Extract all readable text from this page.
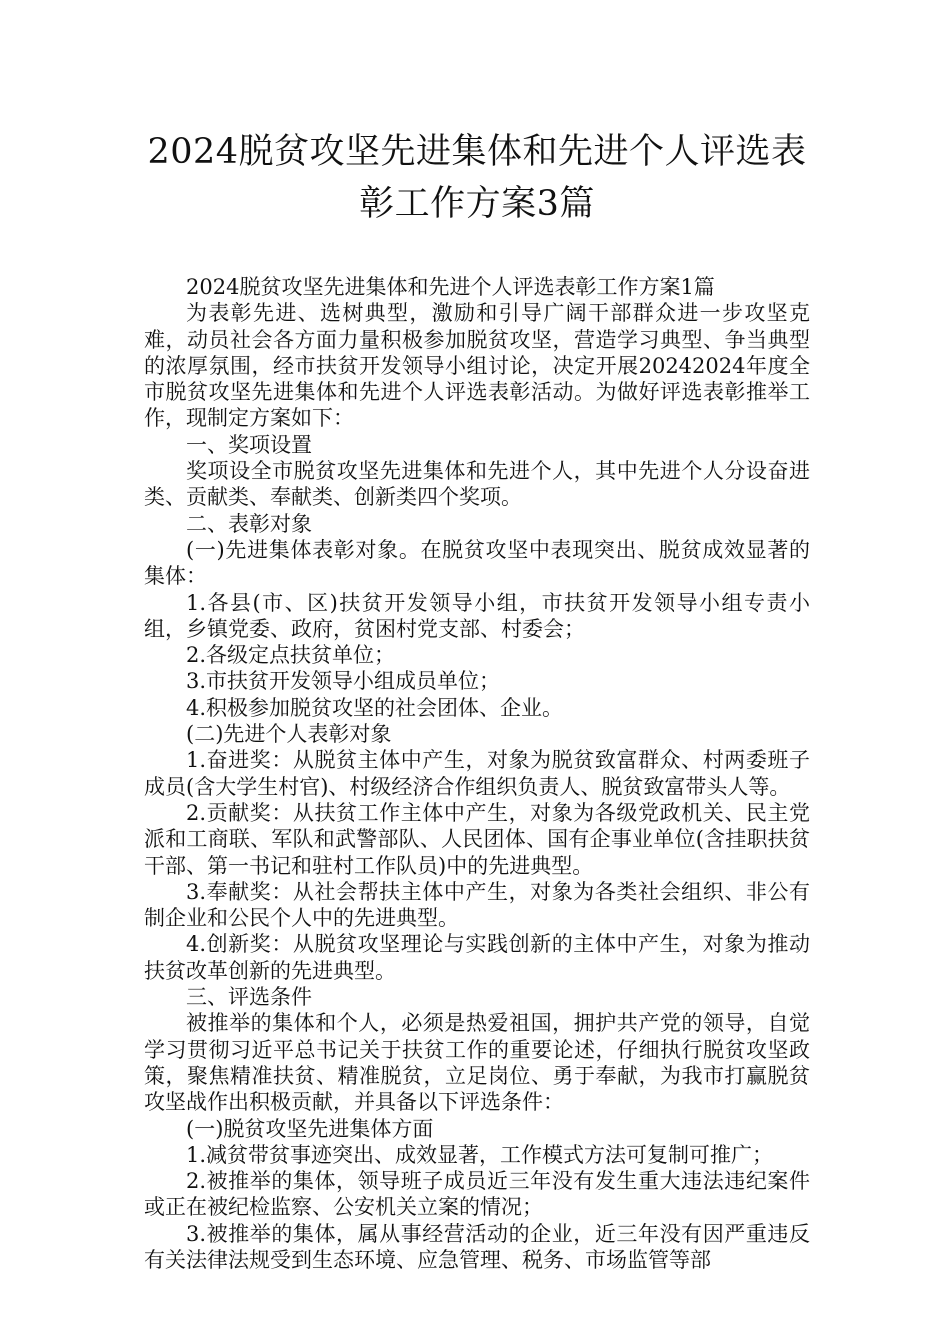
2024脱贫攻坚先进集体和先进个人评选表
彰工作方案3篇

2024脱贫攻坚先进集体和先进个人评选表彰工作方案1篇

为表彰先进、选树典型，激励和引导广阔干部群众进一步攻坚克难，动员社会各方面力量积极参加脱贫攻坚，营造学习典型、争当典型的浓厚氛围，经市扶贫开发领导小组讨论，决定开展20242024年度全市脱贫攻坚先进集体和先进个人评选表彰活动。为做好评选表彰推举工作，现制定方案如下：

一、奖项设置

奖项设全市脱贫攻坚先进集体和先进个人，其中先进个人分设奋进类、贡献类、奉献类、创新类四个奖项。

二、表彰对象

(一)先进集体表彰对象。在脱贫攻坚中表现突出、脱贫成效显著的集体：

1.各县(市、区)扶贫开发领导小组，市扶贫开发领导小组专责小组，乡镇党委、政府，贫困村党支部、村委会；

2.各级定点扶贫单位；

3.市扶贫开发领导小组成员单位；

4.积极参加脱贫攻坚的社会团体、企业。

(二)先进个人表彰对象

1.奋进奖：从脱贫主体中产生，对象为脱贫致富群众、村两委班子成员(含大学生村官)、村级经济合作组织负责人、脱贫致富带头人等。

2.贡献奖：从扶贫工作主体中产生，对象为各级党政机关、民主党派和工商联、军队和武警部队、人民团体、国有企事业单位(含挂职扶贫干部、第一书记和驻村工作队员)中的先进典型。

3.奉献奖：从社会帮扶主体中产生，对象为各类社会组织、非公有制企业和公民个人中的先进典型。

4.创新奖：从脱贫攻坚理论与实践创新的主体中产生，对象为推动扶贫改革创新的先进典型。

三、评选条件

被推举的集体和个人，必须是热爱祖国，拥护共产党的领导，自觉学习贯彻习近平总书记关于扶贫工作的重要论述，仔细执行脱贫攻坚政策，聚焦精准扶贫、精准脱贫，立足岗位、勇于奉献，为我市打赢脱贫攻坚战作出积极贡献，并具备以下评选条件：

(一)脱贫攻坚先进集体方面

1.减贫带贫事迹突出、成效显著，工作模式方法可复制可推广；

2.被推举的集体，领导班子成员近三年没有发生重大违法违纪案件或正在被纪检监察、公安机关立案的情况；

3.被推举的集体，属从事经营活动的企业，近三年没有因严重违反有关法律法规受到生态环境、应急管理、税务、市场监管等部
